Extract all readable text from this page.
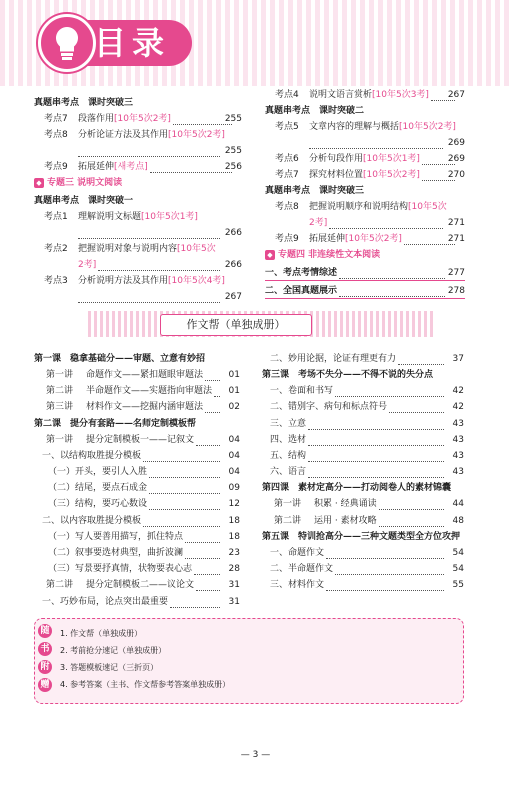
目录
真题串考点　课时突破三
考点7 段落作用[10年5次2考]	255
考点8 分析论证方法及其作用[10年5次2考]
255
考点9 拓展延伸[새考点]	256
◆ 专题三 说明文阅读
真题串考点　课时突破一
考点1 理解说明文标题[10年5次1考]
266
考点2 把握说明对象与说明内容[10年5次
2考]	266
考点3 分析说明方法及其作用[10年5次4考]
267
考点4 说明文语言赏析[10年5次3考] 267
真题串考点　课时突破二
考点5 文章内容的理解与概括[10年5次2考]
269
考点6 分析句段作用[10年5次1考]	269
考点7 探究材料位置[10年5次2考]	270
真题串考点　课时突破三
考点8 把握说明顺序和说明结构[10年5次
2考]	271
考点9 拓展延伸[10年5次2考]	271
◆ 专题四 非连续性文本阅读
一、考点考情综述	277
二、全国真题展示	278
作文帮（单独成册）
第一课　稳拿基础分——审题、立意有妙招
第一讲 命题作文——紧扣题眼审题法	01
第二讲 半命题作文——实题指向审题法	01
第三讲 材料作文——挖掘内涵审题法	02
第二课　提分有套路——名师定制模板帮
第一讲 提分定制模板一——记叙文	04
一、以结构取胜提分模板	04
（一）开头，要引人入胜	04
（二）结尾，要点石成金	09
（三）结构，要巧心数设	12
二、以内容取胜提分模板	18
（一）写人要善用描写，抓住特点	18
（二）叙事要选材典型，曲折波澜	23
（三）写景要抒真情，状物要表心志	28
第二讲 提分定制模板二——议论文	31
一、巧妙布局，论点突出最重要	31
二、妙用论据，论证有理更有力	37
第三课　考场不失分——不得不说的失分点
一、卷面和书写	42
二、错别字、病句和标点符号	42
三、立意	43
四、选材	43
五、结构	43
六、语言	43
第四课　素材定高分——打动阅卷人的素材锦囊
第一讲 积累 · 经典诵读	44
第二讲 运用 · 素材攻略	48
第五课　特训抢高分——三种文题类型全方位攻押
一、命题作文	54
二、半命题作文	54
三、材料作文	55
随
书
附
赠
1. 作文帮（单独成册）
2. 考前抢分速记（单独成册）
3. 答题模板速记（三折页）
4. 参考答案（主书、作文帮参考答案单独成册）
— 3 —
